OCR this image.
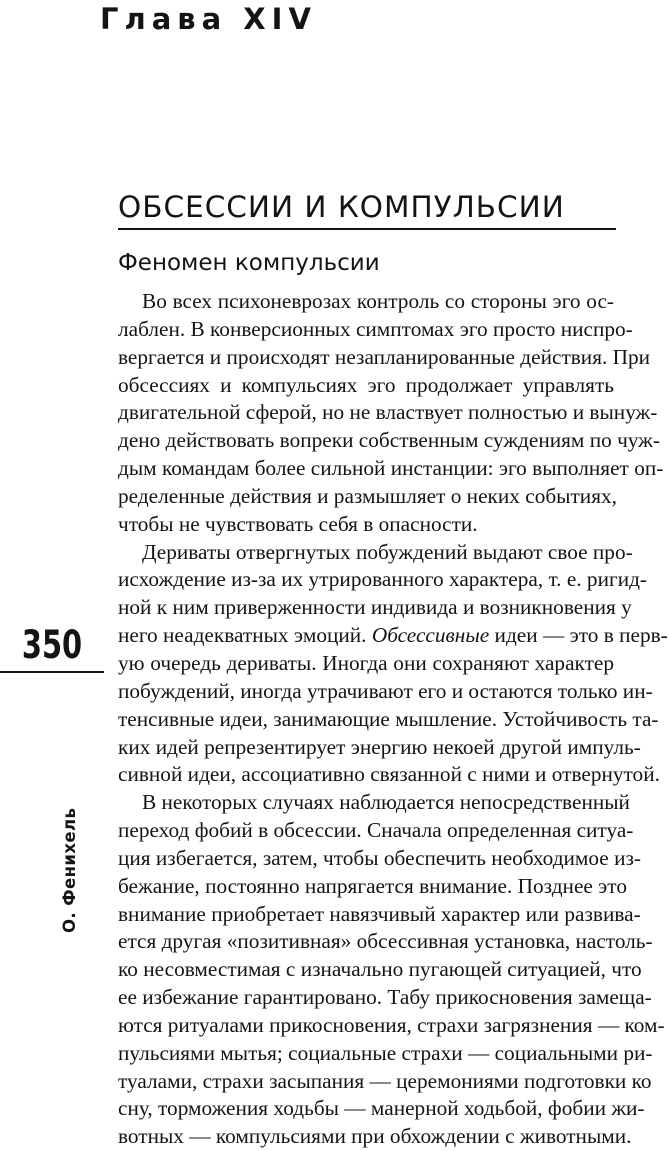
Глава XIV
ОБСЕССИИ И КОМПУЛЬСИИ
Феномен компульсии
Во всех психоневрозах контроль со стороны эго ос-
лаблен. В конверсионных симптомах эго просто ниспро-
вергается и происходят незапланированные действия. При
обсессиях и компульсиях эго продолжает управлять
двигательной сферой, но не властвует полностью и вынуж-
дено действовать вопреки собственным суждениям по чуж-
дым командам более сильной инстанции: эго выполняет оп-
ределенные действия и размышляет о неких событиях,
чтобы не чувствовать себя в опасности.
Дериваты отвергнутых побуждений выдают свое про-
исхождение из-за их утрированного характера, т. е. ригид-
ной к ним приверженности индивида и возникновения у
него неадекватных эмоций. Обсессивные идеи — это в перв-
ую очередь дериваты. Иногда они сохраняют характер
побуждений, иногда утрачивают его и остаются только ин-
тенсивные идеи, занимающие мышление. Устойчивость та-
ких идей репрезентирует энергию некоей другой импуль-
сивной идеи, ассоциативно связанной с ними и отвернутой.
В некоторых случаях наблюдается непосредственный
переход фобий в обсессии. Сначала определенная ситуа-
ция избегается, затем, чтобы обеспечить необходимое из-
бежание, постоянно напрягается внимание. Позднее это
внимание приобретает навязчивый характер или развива-
ется другая «позитивная» обсессивная установка, настоль-
ко несовместимая с изначально пугающей ситуацией, что
ее избежание гарантировано. Табу прикосновения замеща-
ются ритуалами прикосновения, страхи загрязнения — ком-
пульсиями мытья; социальные страхи — социальными ри-
туалами, страхи засыпания — церемониями подготовки ко
сну, торможения ходьбы — манерной ходьбой, фобии жи-
вотных — компульсиями при обхождении с животными.
350
О. Фенихель
